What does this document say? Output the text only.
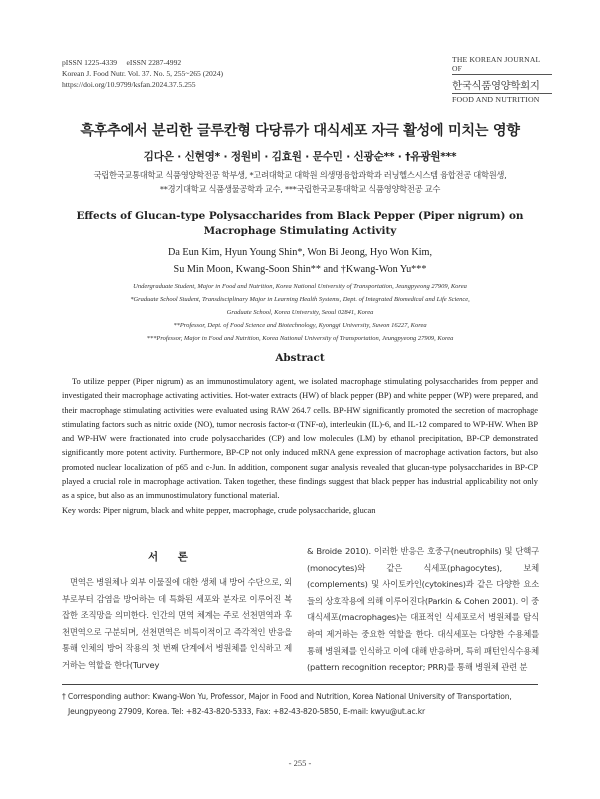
pISSN 1225-4339     eISSN 2287-4992
Korean J. Food Nutr. Vol. 37. No. 5, 255~265 (2024)
https://doi.org/10.9799/ksfan.2024.37.5.255
THE KOREAN JOURNAL OF
한국식품영양학회지
FOOD AND NUTRITION
흑후추에서 분리한 글루칸형 다당류가 대식세포 자극 활성에 미치는 영향
김다은 · 신현영* · 정원비 · 김효원 · 문수민 · 신광순** · †유광원***
국립한국교통대학교 식품영양학전공 학부생, *고려대학교 대학원 의생명융합과학과 러닝헬스시스템 융합전공 대학원생,
**경기대학교 식품생물공학과 교수, ***국립한국교통대학교 식품영양학전공 교수
Effects of Glucan-type Polysaccharides from Black Pepper (Piper nigrum) on
Macrophage Stimulating Activity
Da Eun Kim, Hyun Young Shin*, Won Bi Jeong, Hyo Won Kim,
Su Min Moon, Kwang-Soon Shin** and †Kwang-Won Yu***
Undergraduate Student, Major in Food and Nutrition, Korea National University of Transportation, Jeungpyeong 27909, Korea
*Graduate School Student, Transdisciplinary Major in Learning Health Systems, Dept. of Integrated Biomedical and Life Science,
Graduate School, Korea University, Seoul 02841, Korea
**Professor, Dept. of Food Science and Biotechnology, Kyonggi University, Suwon 16227, Korea
***Professor, Major in Food and Nutrition, Korea National University of Transportation, Jeungpyeong 27909, Korea
Abstract
To utilize pepper (Piper nigrum) as an immunostimulatory agent, we isolated macrophage stimulating polysaccharides from pepper and investigated their macrophage activating activities. Hot-water extracts (HW) of black pepper (BP) and white pepper (WP) were prepared, and their macrophage stimulating activities were evaluated using RAW 264.7 cells. BP-HW significantly promoted the secretion of macrophage stimulating factors such as nitric oxide (NO), tumor necrosis factor-α (TNF-α), interleukin (IL)-6, and IL-12 compared to WP-HW. When BP and WP-HW were fractionated into crude polysaccharides (CP) and low molecules (LM) by ethanol precipitation, BP-CP demonstrated significantly more potent activity. Furthermore, BP-CP not only induced mRNA gene expression of macrophage activation factors, but also promoted nuclear localization of p65 and c-Jun. In addition, component sugar analysis revealed that glucan-type polysaccharides in BP-CP played a crucial role in macrophage activation. Taken together, these findings suggest that black pepper has industrial applicability not only as a spice, but also as an immunostimulatory functional material.
Key words: Piper nigrum, black and white pepper, macrophage, crude polysaccharide, glucan
서 론
면역은 병원체나 외부 이물질에 대한 생체 내 방어 수단으로, 외부로부터 감염을 방어하는 데 특화된 세포와 분자로 이루어진 복잡한 조직망을 의미한다. 인간의 면역 체계는 주로 선천면역과 후천면역으로 구분되며, 선천면역은 비특이적이고 즉각적인 반응을 통해 인체의 방어 작용의 첫 번째 단계에서 병원체를 인식하고 제거하는 역할을 한다(Turvey
& Broide 2010). 이러한 반응은 호중구(neutrophils) 및 단핵구(monocytes)와 같은 식세포(phagocytes), 보체(complements) 및 사이토카인(cytokines)과 같은 다양한 요소들의 상호작용에 의해 이루어진다(Parkin & Cohen 2001). 이 중 대식세포(macrophages)는 대표적인 식세포로서 병원체를 탐식하여 제거하는 중요한 역할을 한다. 대식세포는 다양한 수용체를 통해 병원체를 인식하고 이에 대해 반응하며, 특히 패턴인식수용체(pattern recognition receptor; PRR)를 통해 병원체 관련 분
† Corresponding author: Kwang-Won Yu, Professor, Major in Food and Nutrition, Korea National University of Transportation,
Jeungpyeong 27909, Korea. Tel: +82-43-820-5333, Fax: +82-43-820-5850, E-mail: kwyu@ut.ac.kr
- 255 -
